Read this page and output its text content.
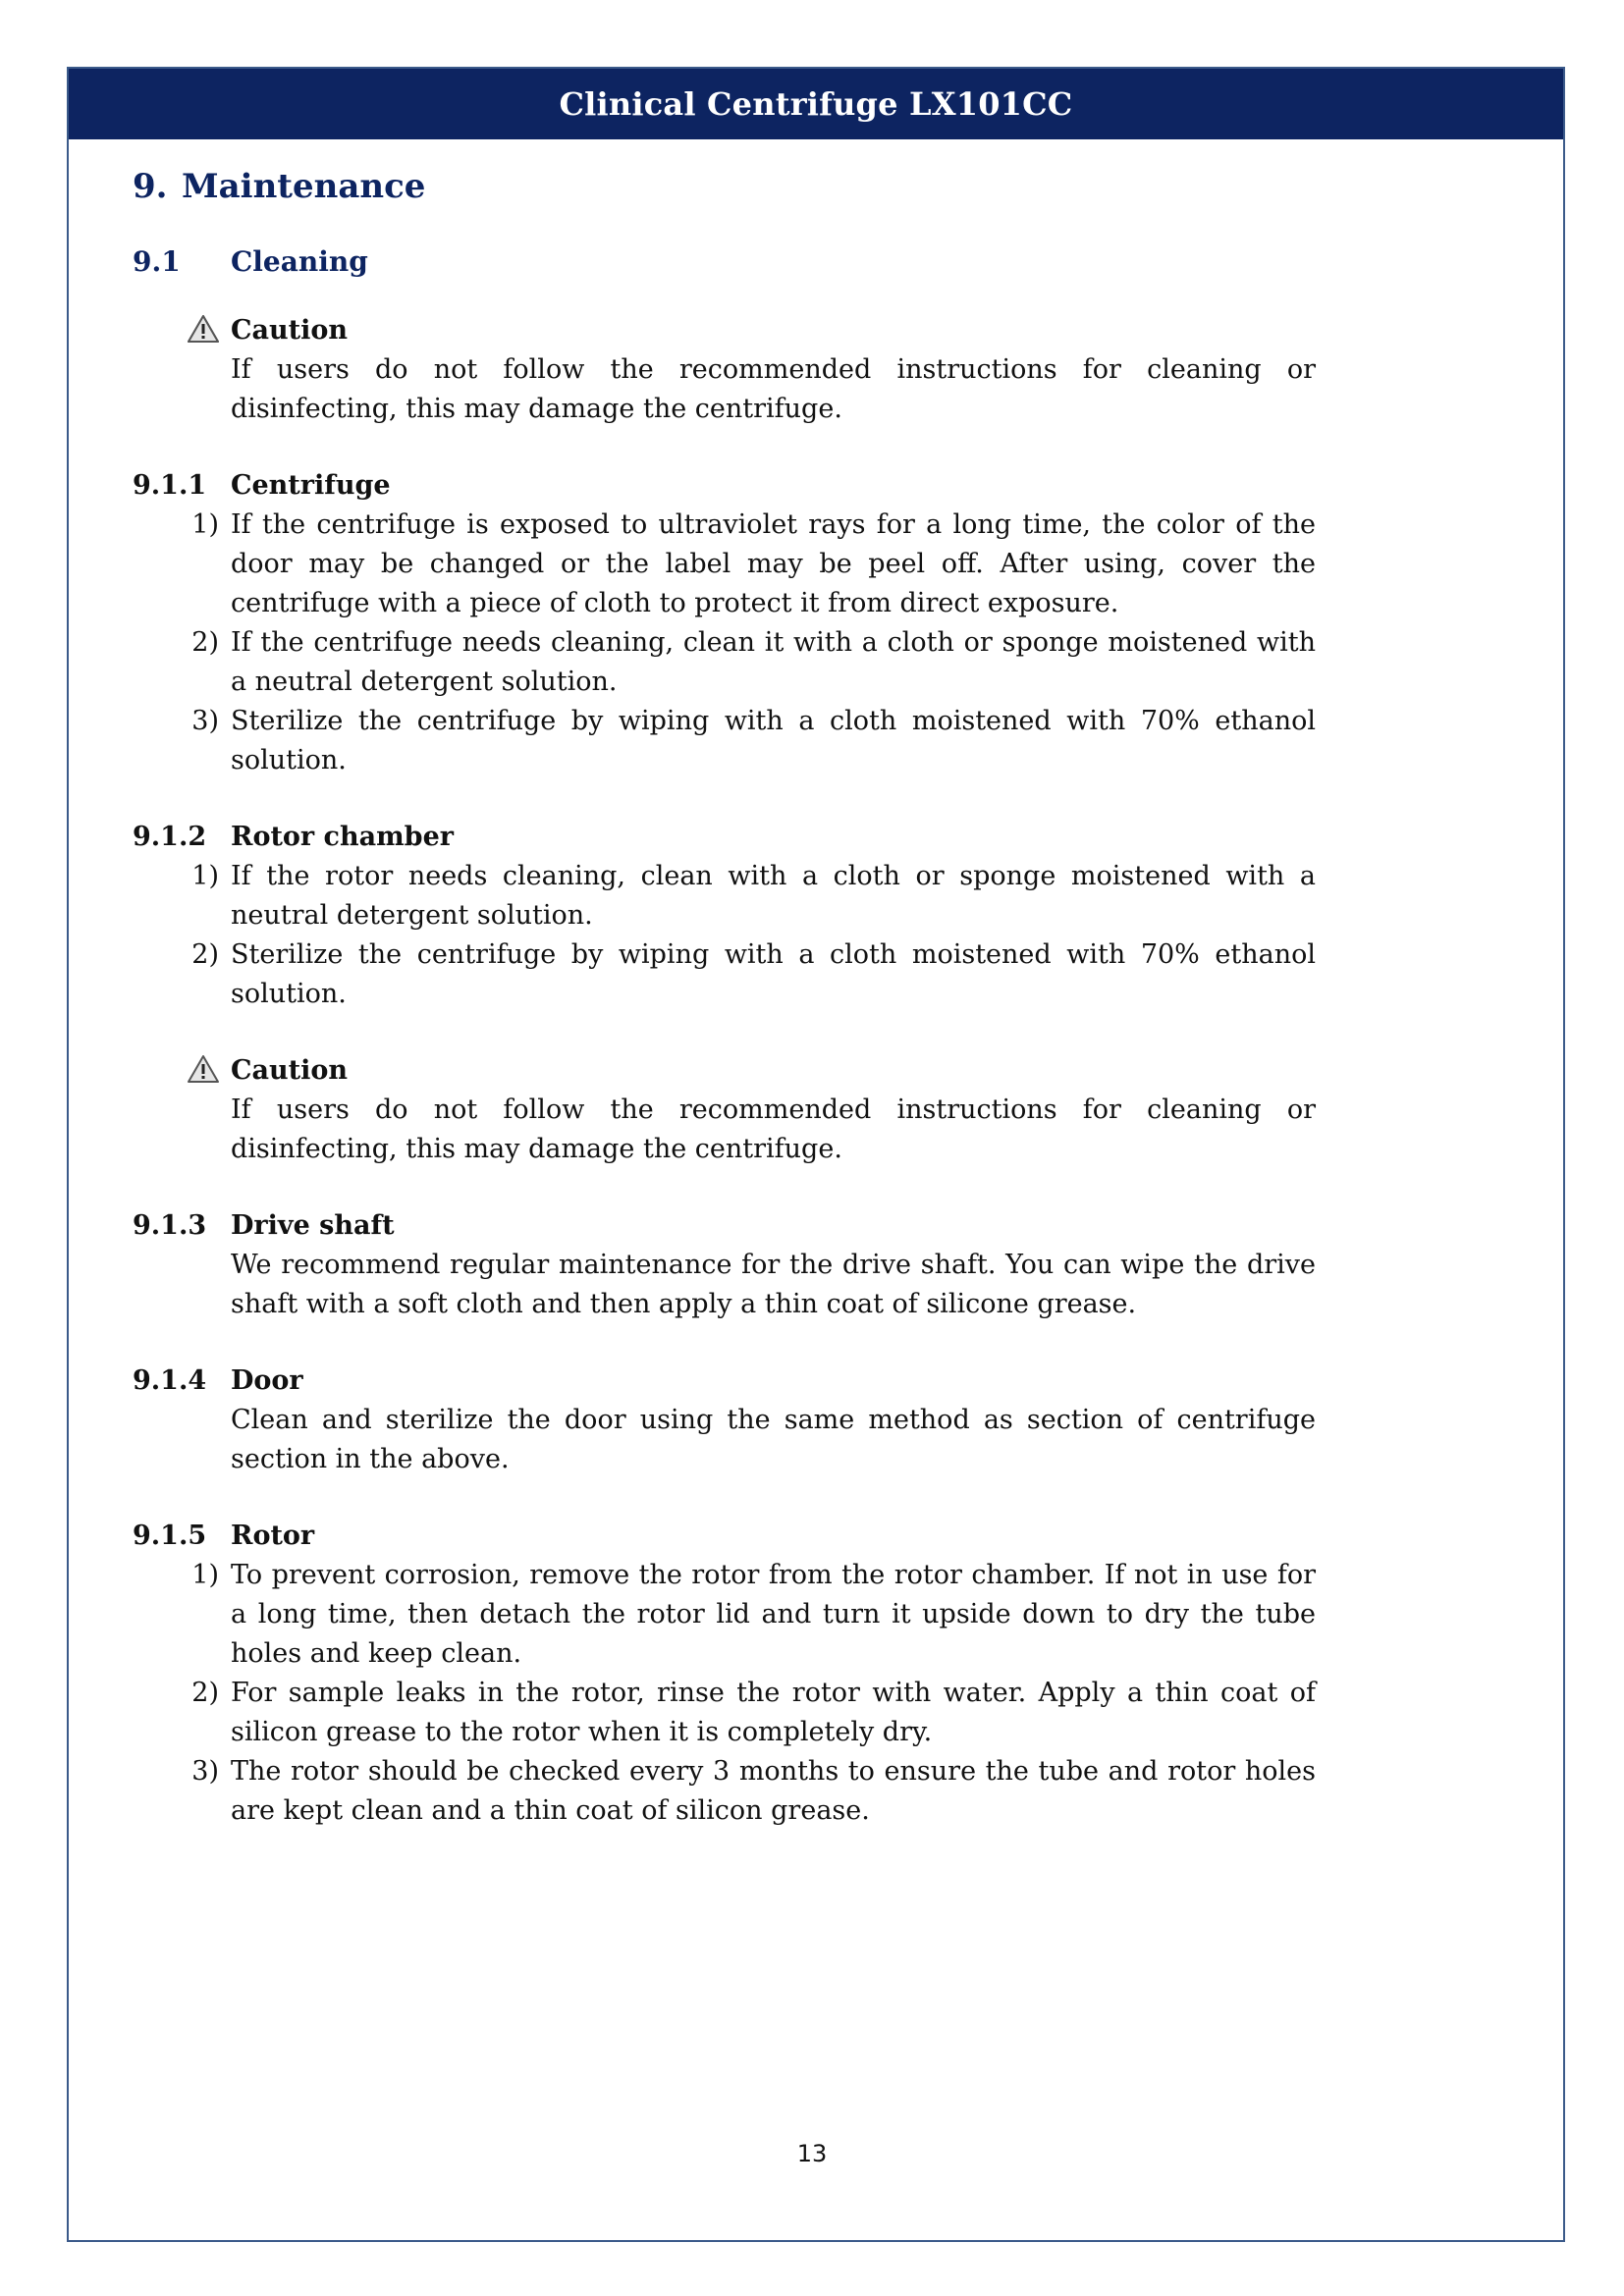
Clinical Centrifuge LX101CC
9. Maintenance
9.1	Cleaning
Caution
If users do not follow the recommended instructions for cleaning or disinfecting, this may damage the centrifuge.
9.1.1 Centrifuge
1) If the centrifuge is exposed to ultraviolet rays for a long time, the color of the door may be changed or the label may be peel off. After using, cover the centrifuge with a piece of cloth to protect it from direct exposure.
2) If the centrifuge needs cleaning, clean it with a cloth or sponge moistened with a neutral detergent solution.
3) Sterilize the centrifuge by wiping with a cloth moistened with 70% ethanol solution.
9.1.2 Rotor chamber
1) If the rotor needs cleaning, clean with a cloth or sponge moistened with a neutral detergent solution.
2) Sterilize the centrifuge by wiping with a cloth moistened with 70% ethanol solution.
Caution
If users do not follow the recommended instructions for cleaning or disinfecting, this may damage the centrifuge.
9.1.3 Drive shaft
We recommend regular maintenance for the drive shaft. You can wipe the drive shaft with a soft cloth and then apply a thin coat of silicone grease.
9.1.4 Door
Clean and sterilize the door using the same method as section of centrifuge section in the above.
9.1.5 Rotor
1) To prevent corrosion, remove the rotor from the rotor chamber. If not in use for a long time, then detach the rotor lid and turn it upside down to dry the tube holes and keep clean.
2) For sample leaks in the rotor, rinse the rotor with water. Apply a thin coat of silicon grease to the rotor when it is completely dry.
3) The rotor should be checked every 3 months to ensure the tube and rotor holes are kept clean and a thin coat of silicon grease.
13
